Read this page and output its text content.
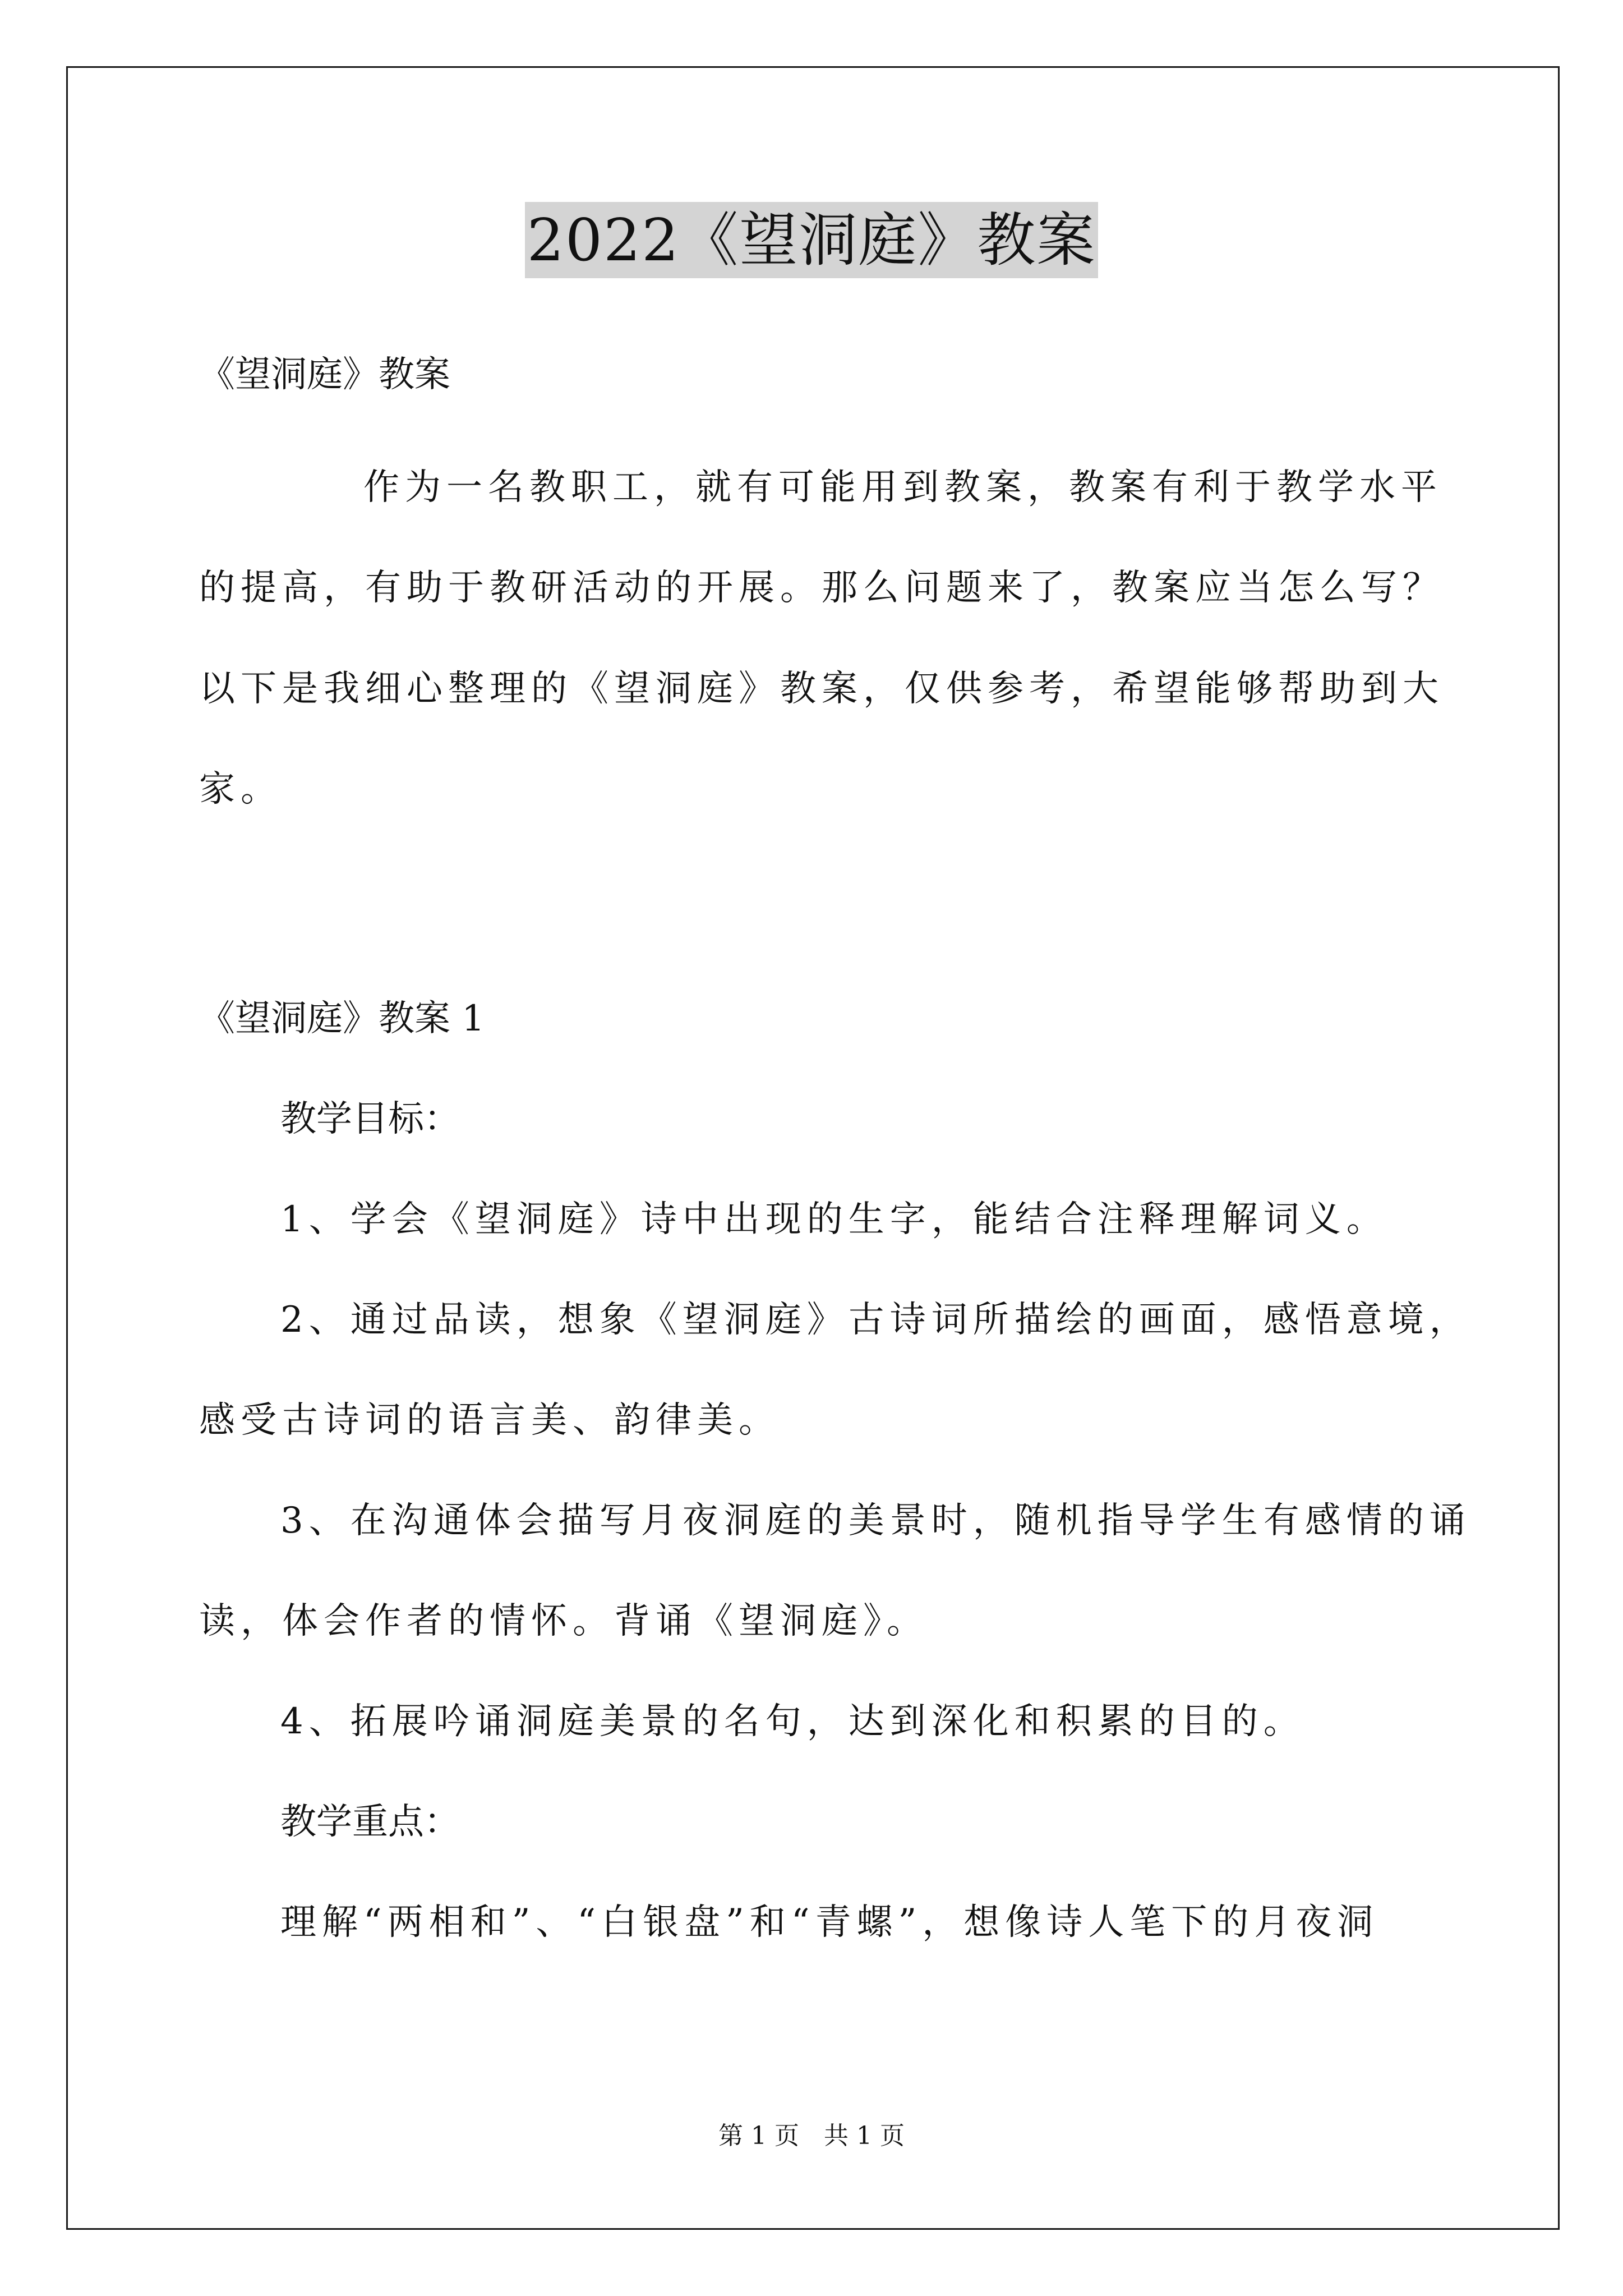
2022《望洞庭》教案
《望洞庭》教案
作为一名教职工，就有可能用到教案，教案有利于教学水平
的提高，有助于教研活动的开展。那么问题来了，教案应当怎么写？
以下是我细心整理的《望洞庭》教案，仅供参考，希望能够帮助到大
家。
《望洞庭》教案 1
教学目标：
1、学会《望洞庭》诗中出现的生字，能结合注释理解词义。
2、通过品读，想象《望洞庭》古诗词所描绘的画面，感悟意境，
感受古诗词的语言美、韵律美。
3、在沟通体会描写月夜洞庭的美景时，随机指导学生有感情的诵
读，体会作者的情怀。背诵《望洞庭》。
4、拓展吟诵洞庭美景的名句，达到深化和积累的目的。
教学重点：
理解“两相和”、“白银盘”和“青螺”，想像诗人笔下的月夜洞
第 1 页　共 1 页
